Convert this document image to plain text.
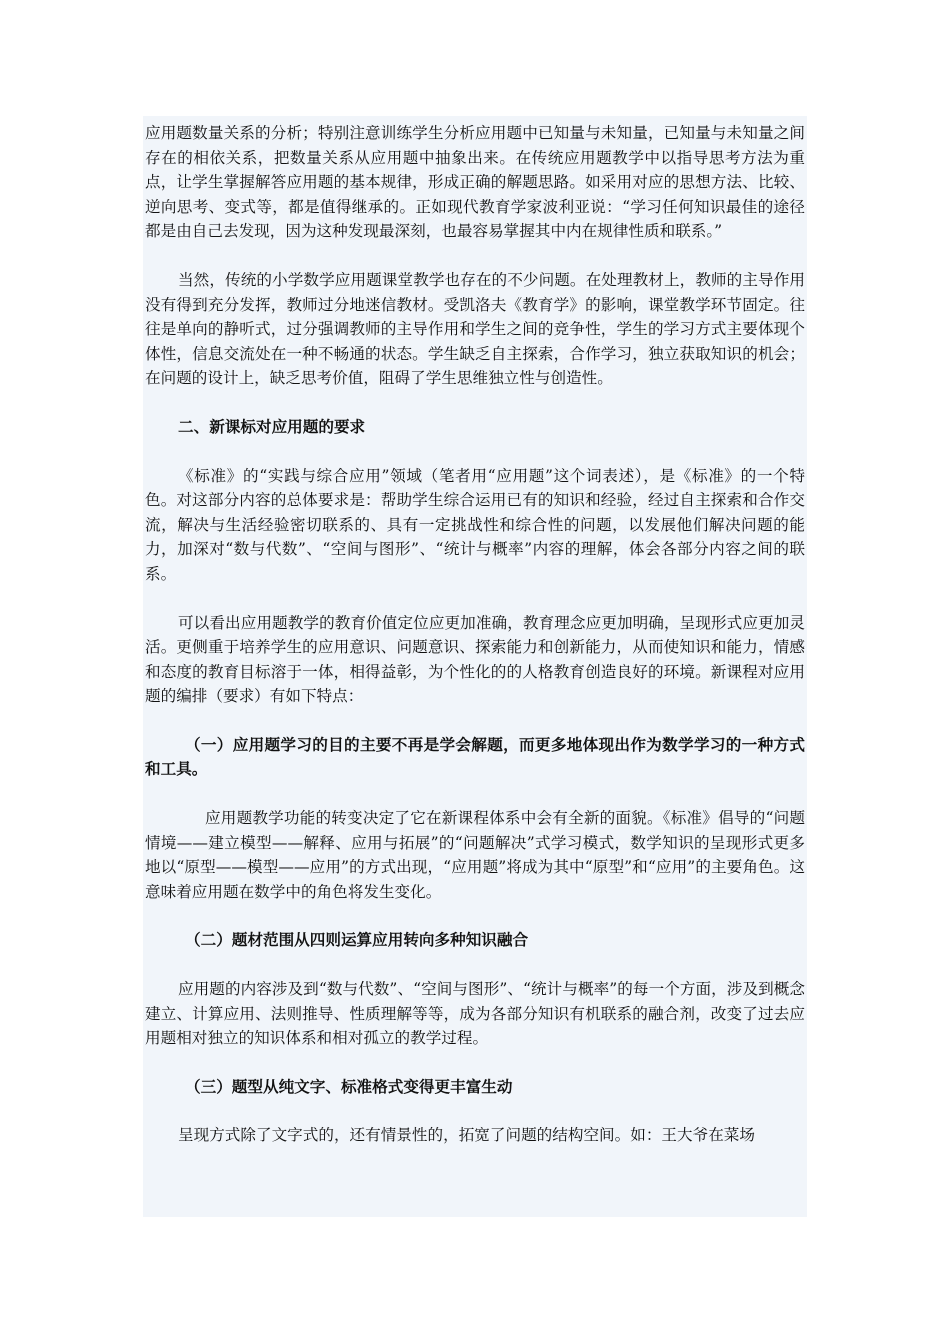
应用题数量关系的分析；特别注意训练学生分析应用题中已知量与未知量，已知量与未知量之间存在的相依关系，把数量关系从应用题中抽象出来。在传统应用题教学中以指导思考方法为重点，让学生掌握解答应用题的基本规律，形成正确的解题思路。如采用对应的思想方法、比较、逆向思考、变式等，都是值得继承的。正如现代教育学家波利亚说：“学习任何知识最佳的途径都是由自己去发现，因为这种发现最深刻，也最容易掌握其中内在规律性质和联系。”

当然，传统的小学数学应用题课堂教学也存在的不少问题。在处理教材上，教师的主导作用没有得到充分发挥，教师过分地迷信教材。受凯洛夫《教育学》的影响，课堂教学环节固定。往往是单向的静听式，过分强调教师的主导作用和学生之间的竞争性，学生的学习方式主要体现个体性，信息交流处在一种不畅通的状态。学生缺乏自主探索，合作学习，独立获取知识的机会；在问题的设计上，缺乏思考价值，阻碍了学生思维独立性与创造性。

二、新课标对应用题的要求

《标准》的“实践与综合应用”领域（笔者用“应用题”这个词表述），是《标准》的一个特色。对这部分内容的总体要求是：帮助学生综合运用已有的知识和经验，经过自主探索和合作交流，解决与生活经验密切联系的、具有一定挑战性和综合性的问题，以发展他们解决问题的能力，加深对“数与代数”、“空间与图形”、“统计与概率”内容的理解，体会各部分内容之间的联系。

可以看出应用题教学的教育价值定位应更加准确，教育理念应更加明确，呈现形式应更加灵活。更侧重于培养学生的应用意识、问题意识、探索能力和创新能力，从而使知识和能力，情感和态度的教育目标溶于一体，相得益彰，为个性化的的人格教育创造良好的环境。新课程对应用题的编排（要求）有如下特点：

（一）应用题学习的目的主要不再是学会解题，而更多地体现出作为数学学习的一种方式和工具。

应用题教学功能的转变决定了它在新课程体系中会有全新的面貌。《标准》倡导的“问题情境——建立模型——解释、应用与拓展”的“问题解决”式学习模式，数学知识的呈现形式更多地以“原型——模型——应用”的方式出现，“应用题”将成为其中“原型”和“应用”的主要角色。这意味着应用题在数学中的角色将发生变化。

（二）题材范围从四则运算应用转向多种知识融合

应用题的内容涉及到“数与代数”、“空间与图形”、“统计与概率”的每一个方面，涉及到概念建立、计算应用、法则推导、性质理解等等，成为各部分知识有机联系的融合剂，改变了过去应用题相对独立的知识体系和相对孤立的教学过程。

（三）题型从纯文字、标准格式变得更丰富生动

呈现方式除了文字式的，还有情景性的，拓宽了问题的结构空间。如：王大爷在菜场
